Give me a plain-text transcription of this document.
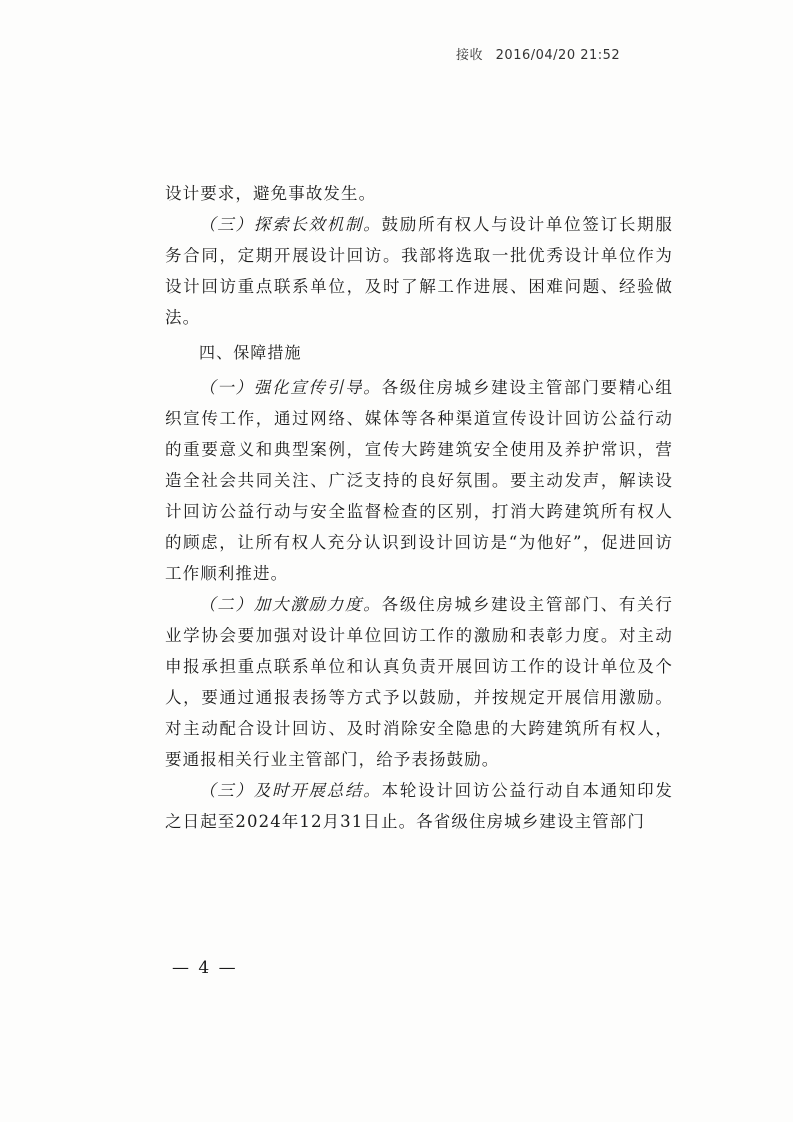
接收 2016/04/20 21:52

设计要求，避免事故发生。

（三）探索长效机制。鼓励所有权人与设计单位签订长期服务合同，定期开展设计回访。我部将选取一批优秀设计单位作为设计回访重点联系单位，及时了解工作进展、困难问题、经验做法。

四、保障措施

（一）强化宣传引导。各级住房城乡建设主管部门要精心组织宣传工作，通过网络、媒体等各种渠道宣传设计回访公益行动的重要意义和典型案例，宣传大跨建筑安全使用及养护常识，营造全社会共同关注、广泛支持的良好氛围。要主动发声，解读设计回访公益行动与安全监督检查的区别，打消大跨建筑所有权人的顾虑，让所有权人充分认识到设计回访是“为他好”，促进回访工作顺利推进。

（二）加大激励力度。各级住房城乡建设主管部门、有关行业学协会要加强对设计单位回访工作的激励和表彰力度。对主动申报承担重点联系单位和认真负责开展回访工作的设计单位及个人，要通过通报表扬等方式予以鼓励，并按规定开展信用激励。对主动配合设计回访、及时消除安全隐患的大跨建筑所有权人，要通报相关行业主管部门，给予表扬鼓励。

（三）及时开展总结。本轮设计回访公益行动自本通知印发之日起至2024年12月31日止。各省级住房城乡建设主管部门

— 4 —
